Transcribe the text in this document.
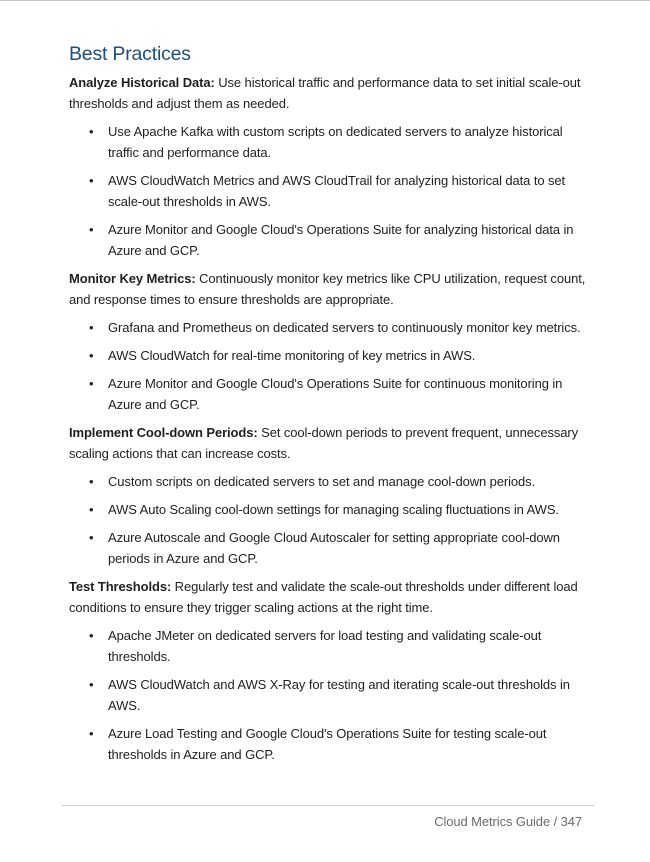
Best Practices

Analyze Historical Data: Use historical traffic and performance data to set initial scale-out thresholds and adjust them as needed.

• Use Apache Kafka with custom scripts on dedicated servers to analyze historical traffic and performance data.
• AWS CloudWatch Metrics and AWS CloudTrail for analyzing historical data to set scale-out thresholds in AWS.
• Azure Monitor and Google Cloud's Operations Suite for analyzing historical data in Azure and GCP.

Monitor Key Metrics: Continuously monitor key metrics like CPU utilization, request count, and response times to ensure thresholds are appropriate.

• Grafana and Prometheus on dedicated servers to continuously monitor key metrics.
• AWS CloudWatch for real-time monitoring of key metrics in AWS.
• Azure Monitor and Google Cloud's Operations Suite for continuous monitoring in Azure and GCP.

Implement Cool-down Periods: Set cool-down periods to prevent frequent, unnecessary scaling actions that can increase costs.

• Custom scripts on dedicated servers to set and manage cool-down periods.
• AWS Auto Scaling cool-down settings for managing scaling fluctuations in AWS.
• Azure Autoscale and Google Cloud Autoscaler for setting appropriate cool-down periods in Azure and GCP.

Test Thresholds: Regularly test and validate the scale-out thresholds under different load conditions to ensure they trigger scaling actions at the right time.

• Apache JMeter on dedicated servers for load testing and validating scale-out thresholds.
• AWS CloudWatch and AWS X-Ray for testing and iterating scale-out thresholds in AWS.
• Azure Load Testing and Google Cloud's Operations Suite for testing scale-out thresholds in Azure and GCP.
Cloud Metrics Guide / 347
